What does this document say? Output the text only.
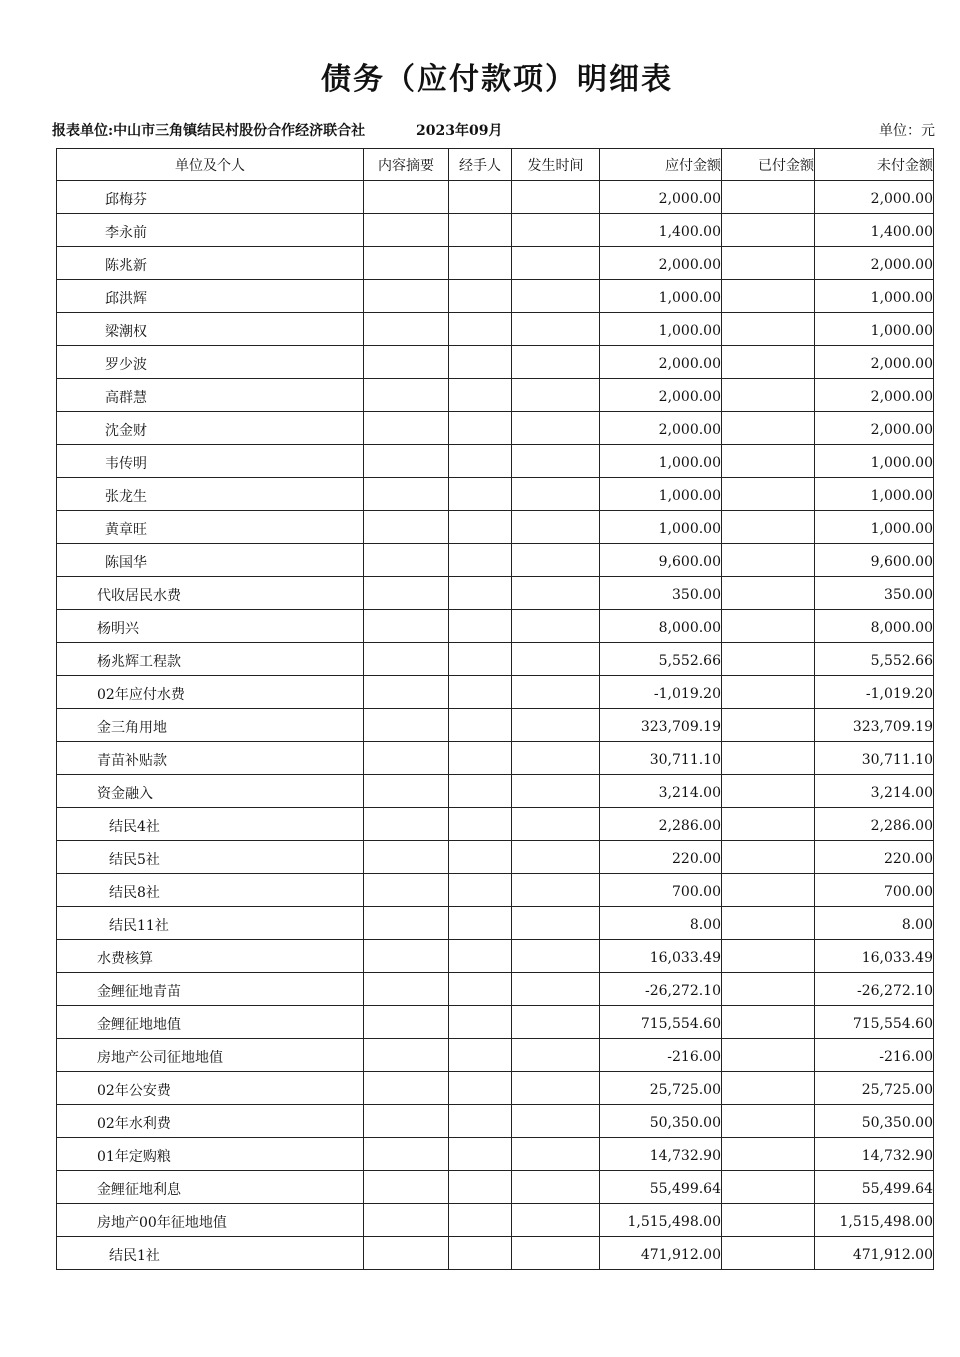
债务（应付款项）明细表
报表单位:中山市三角镇结民村股份合作经济联合社	2023年09月	单位：元
单位及个人	内容摘要	经手人	发生时间	应付金额	已付金额	未付金额
邱梅芬				2,000.00		2,000.00
李永前				1,400.00		1,400.00
陈兆新				2,000.00		2,000.00
邱洪辉				1,000.00		1,000.00
梁潮权				1,000.00		1,000.00
罗少波				2,000.00		2,000.00
高群慧				2,000.00		2,000.00
沈金财				2,000.00		2,000.00
韦传明				1,000.00		1,000.00
张龙生				1,000.00		1,000.00
黄章旺				1,000.00		1,000.00
陈国华				9,600.00		9,600.00
代收居民水费				350.00		350.00
杨明兴				8,000.00		8,000.00
杨兆辉工程款				5,552.66		5,552.66
02年应付水费				-1,019.20		-1,019.20
金三角用地				323,709.19		323,709.19
青苗补贴款				30,711.10		30,711.10
资金融入				3,214.00		3,214.00
结民4社				2,286.00		2,286.00
结民5社				220.00		220.00
结民8社				700.00		700.00
结民11社				8.00		8.00
水费核算				16,033.49		16,033.49
金鲤征地青苗				-26,272.10		-26,272.10
金鲤征地地值				715,554.60		715,554.60
房地产公司征地地值				-216.00		-216.00
02年公安费				25,725.00		25,725.00
02年水利费				50,350.00		50,350.00
01年定购粮				14,732.90		14,732.90
金鲤征地利息				55,499.64		55,499.64
房地产00年征地地值				1,515,498.00		1,515,498.00
结民1社				471,912.00		471,912.00
